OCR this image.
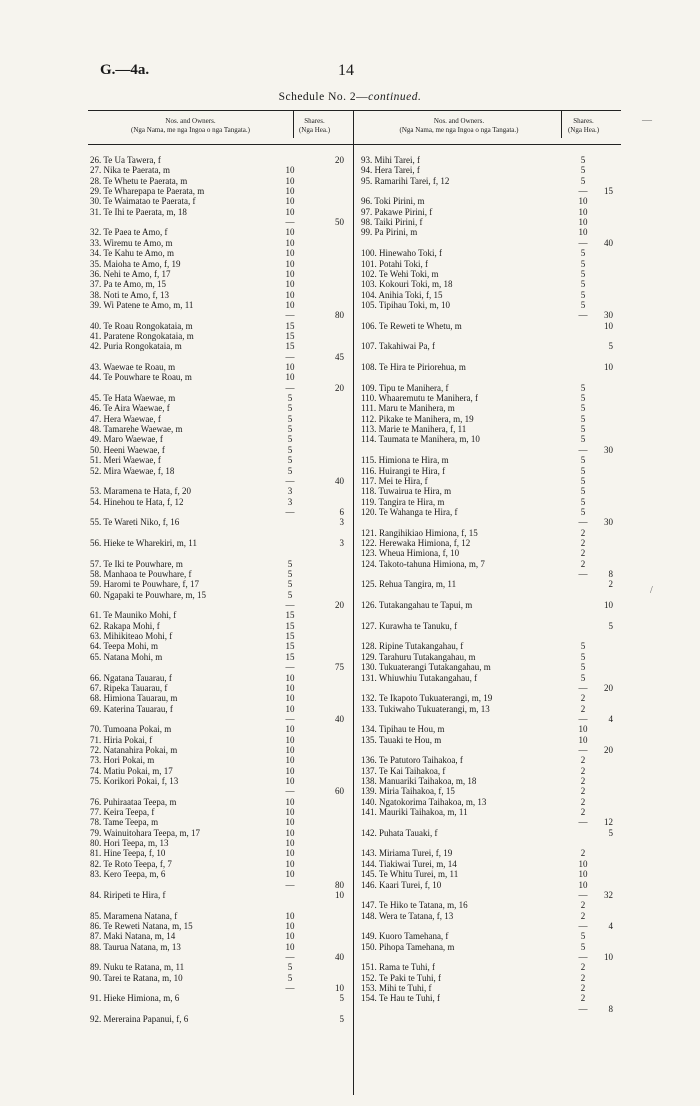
G.—4a.	14
Schedule No. 2—continued.
Nos. and Owners.
(Nga Nama, me nga Ingoa o nga Tangata.)
Shares.
(Nga Hea.)
26. Te Ua Tawera, f	20
27. Nika te Paerata, m	10
28. Te Whetu te Paerata, m	10
29. Te Wharepapa te Paerata, m	10
30. Te Waimatao te Paerata, f	10
31. Te Ihi te Paerata, m, 18	10
—	50
32. Te Paea te Amo, f	10
33. Wiremu te Amo, m	10
34. Te Kahu te Amo, m	10
35. Maioha te Amo, f, 19	10
36. Nehi te Amo, f, 17	10
37. Pa te Amo, m, 15	10
38. Noti te Amo, f, 13	10
39. Wi Patene te Amo, m, 11	10
—	80
40. Te Roau Rongokataia, m	15
41. Paratene Rongokataia, m	15
42. Puria Rongokataia, m	15
—	45
43. Waewae te Roau, m	10
44. Te Pouwhare te Roau, m	10
—	20
45. Te Hata Waewae, m	5
46. Te Aira Waewae, f	5
47. Hera Waewae, f	5
48. Tamarehe Waewae, m	5
49. Maro Waewae, f	5
50. Heeni Waewae, f	5
51. Meri Waewae, f	5
52. Mira Waewae, f, 18	5
—	40
53. Maramena te Hata, f, 20	3
54. Hinehou te Hata, f, 12	3
—	6
55. Te Wareti Niko, f, 16	3
56. Hieke te Wharekiri, m, 11	3
57. Te Iki te Pouwhare, m	5
58. Manhaoa te Pouwhare, f	5
59. Haromi te Pouwhare, f, 17	5
60. Ngapaki te Pouwhare, m, 15	5
—	20
61. Te Mauniko Mohi, f	15
62. Rakapa Mohi, f	15
63. Mihikiteao Mohi, f	15
64. Teepa Mohi, m	15
65. Natana Mohi, m	15
—	75
66. Ngatana Tauarau, f	10
67. Ripeka Tauarau, f	10
68. Himiona Tauarau, m	10
69. Katerina Tauarau, f	10
—	40
70. Tumoana Pokai, m	10
71. Hiria Pokai, f	10
72. Natanahira Pokai, m	10
73. Hori Pokai, m	10
74. Matiu Pokai, m, 17	10
75. Korikori Pokai, f, 13	10
—	60
76. Puhiraataa Teepa, m	10
77. Keira Teepa, f	10
78. Tame Teepa, m	10
79. Wainuitohara Teepa, m, 17	10
80. Hori Teepa, m, 13	10
81. Hine Teepa, f, 10	10
82. Te Roto Teepa, f, 7	10
83. Kero Teepa, m, 6	10
—	80
84. Riripeti te Hira, f	10
85. Maramena Natana, f	10
86. Te Reweti Natana, m, 15	10
87. Maki Natana, m, 14	10
88. Taurua Natana, m, 13	10
—	40
89. Nuku te Ratana, m, 11	5
90. Tarei te Ratana, m, 10	5
—	10
91. Hieke Himiona, m, 6	5
92. Mereraina Papanui, f, 6	5
Nos. and Owners.
(Nga Nama, me nga Ingoa o nga Tangata.)
Shares.
(Nga Hea.)
93. Mihi Tarei, f	5
94. Hera Tarei, f	5
95. Ramarihi Tarei, f, 12	5
—	15
96. Toki Pirini, m	10
97. Pakawe Pirini, f	10
98. Taiki Pirini, f	10
99. Pa Pirini, m	10
—	40
100. Hinewaho Toki, f	5
101. Potahi Toki, f	5
102. Te Wehi Toki, m	5
103. Kokouri Toki, m, 18	5
104. Anihia Toki, f, 15	5
105. Tipihau Toki, m, 10	5
—	30
106. Te Reweti te Whetu, m	10
107. Takahiwai Pa, f	5
108. Te Hira te Piriorehua, m	10
109. Tipu te Manihera, f	5
110. Whaaremutu te Manihera, f	5
111. Maru te Manihera, m	5
112. Pikake te Manihera, m, 19	5
113. Marie te Manihera, f, 11	5
114. Taumata te Manihera, m, 10	5
—	30
115. Himiona te Hira, m	5
116. Huirangi te Hira, f	5
117. Mei te Hira, f	5
118. Tuwairua te Hira, m	5
119. Tangira te Hira, m	5
120. Te Wahanga te Hira, f	5
—	30
121. Rangihikiao Himiona, f, 15	2
122. Herewaka Himiona, f, 12	2
123. Wheua Himiona, f, 10	2
124. Takoto-tahuna Himiona, m, 7	2
—	8
125. Rehua Tangira, m, 11	2
126. Tutakangahau te Tapui, m	10
127. Kurawha te Tanuku, f	5
128. Ripine Tutakangahau, f	5
129. Tarahuru Tutakangahau, m	5
130. Tukuaterangi Tutakangahau, m	5
131. Whiuwhiu Tutakangahau, f	5
—	20
132. Te Ikapoto Tukuaterangi, m, 19	2
133. Tukiwaho Tukuaterangi, m, 13	2
—	4
134. Tipihau te Hou, m	10
135. Tauaki te Hou, m	10
—	20
136. Te Patutoro Taihakoa, f	2
137. Te Kai Taihakoa, f	2
138. Manuariki Taihakoa, m, 18	2
139. Miria Taihakoa, f, 15	2
140. Ngatokorima Taihakoa, m, 13	2
141. Mauriki Taihakoa, m, 11	2
—	12
142. Puhata Tauaki, f	5
143. Miriama Turei, f, 19	2
144. Tiakiwai Turei, m, 14	10
145. Te Whitu Turei, m, 11	10
146. Kaari Turei, f, 10	10
—	32
147. Te Hiko te Tatana, m, 16	2
148. Wera te Tatana, f, 13	2
—	4
149. Kuoro Tamehana, f	5
150. Pihopa Tamehana, m	5
—	10
151. Rama te Tuhi, f	2
152. Te Paki te Tuhi, f	2
153. Mihi te Tuhi, f	2
154. Te Hau te Tuhi, f	2
—	8
—
/
